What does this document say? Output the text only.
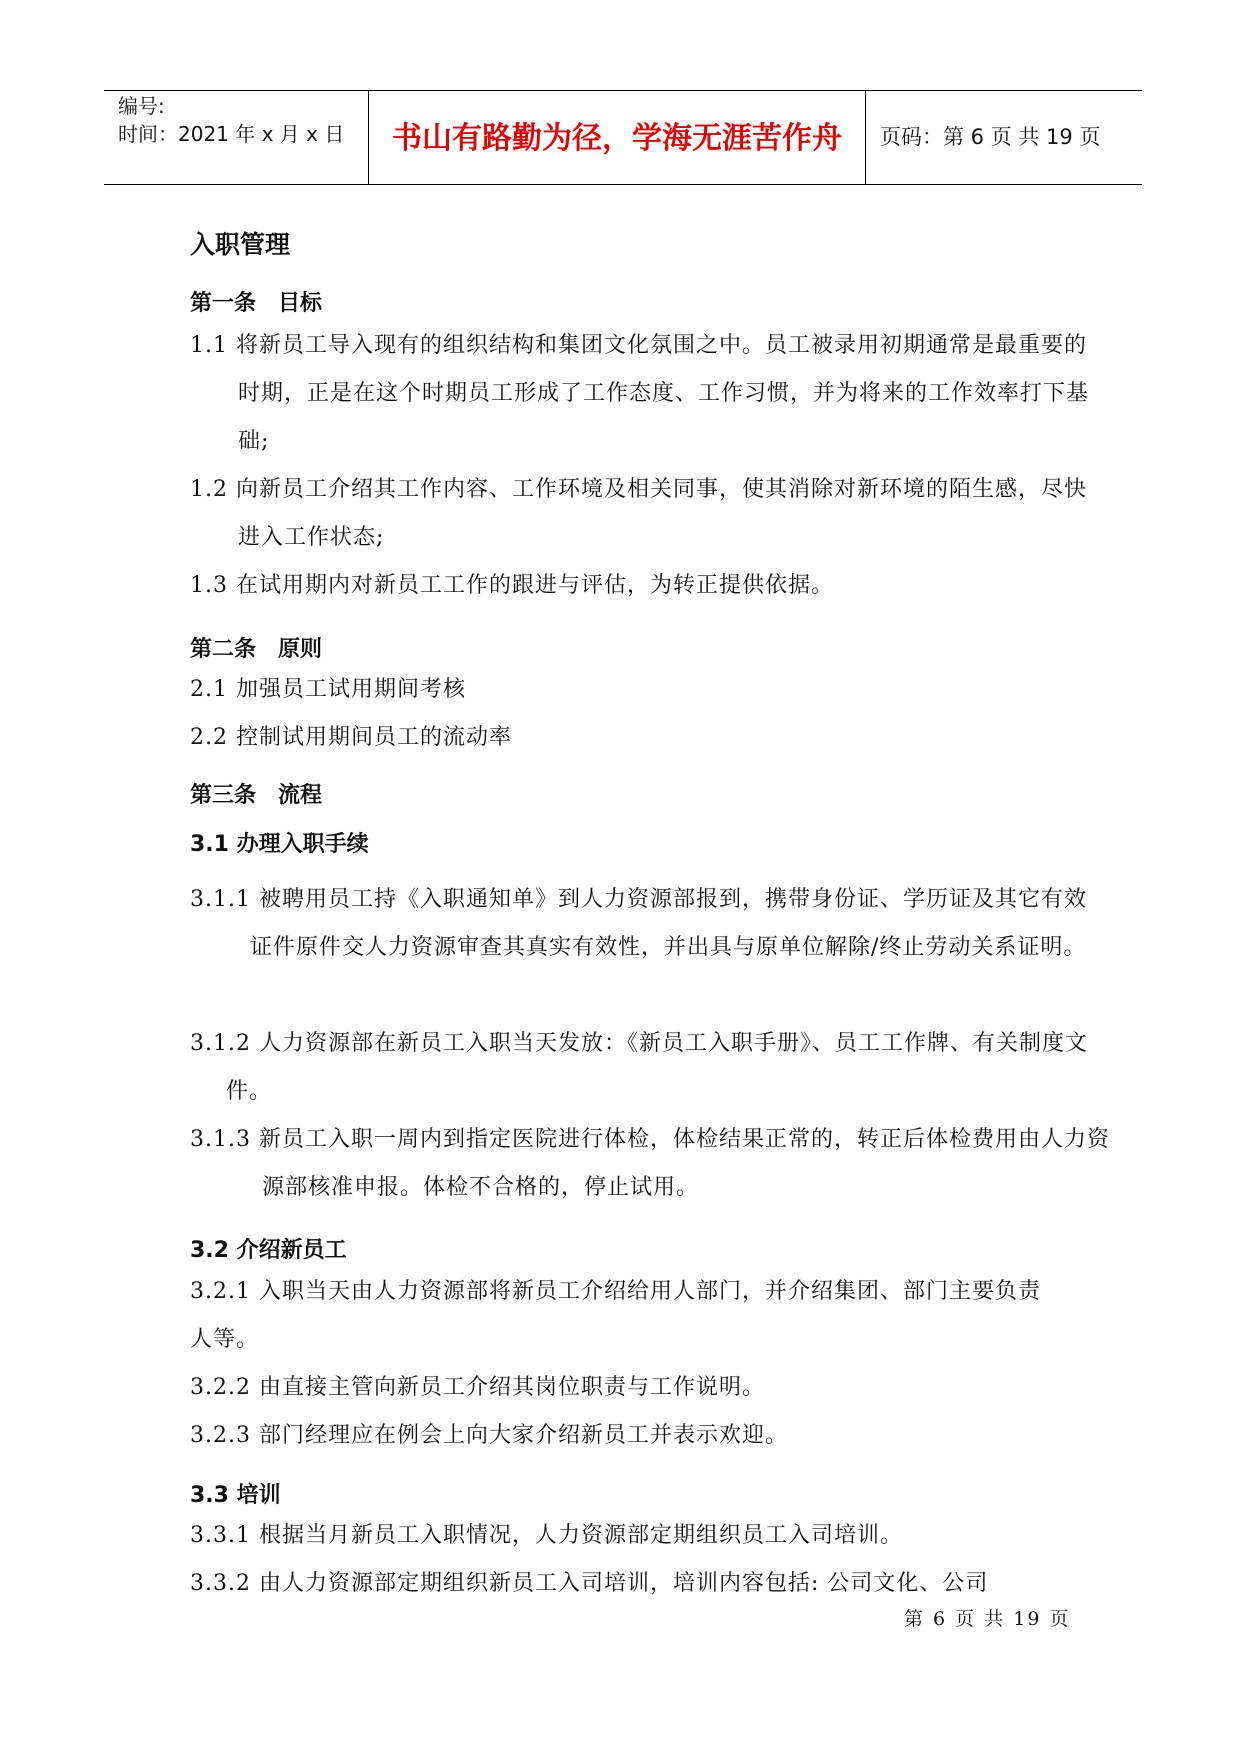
编号:
时间：2021 年 x 月 x 日	书山有路勤为径，学海无涯苦作舟	页码：第 6 页 共 19 页
入职管理
第一条　目标
1.1 将新员工导入现有的组织结构和集团文化氛围之中。员工被录用初期通常是最重要的时期，正是在这个时期员工形成了工作态度、工作习惯，并为将来的工作效率打下基础;
1.2 向新员工介绍其工作内容、工作环境及相关同事，使其消除对新环境的陌生感，尽快进入工作状态;
1.3 在试用期内对新员工工作的跟进与评估，为转正提供依据。
第二条　原则
2.1 加强员工试用期间考核
2.2 控制试用期间员工的流动率
第三条　流程
3.1 办理入职手续
3.1.1 被聘用员工持《入职通知单》到人力资源部报到，携带身份证、学历证及其它有效证件原件交人力资源审查其真实有效性，并出具与原单位解除/终止劳动关系证明。
3.1.2 人力资源部在新员工入职当天发放：《新员工入职手册》、员工工作牌、有关制度文件。
3.1.3 新员工入职一周内到指定医院进行体检，体检结果正常的，转正后体检费用由人力资源部核准申报。体检不合格的，停止试用。
3.2 介绍新员工
3.2.1 入职当天由人力资源部将新员工介绍给用人部门，并介绍集团、部门主要负责人等。
3.2.2 由直接主管向新员工介绍其岗位职责与工作说明。
3.2.3 部门经理应在例会上向大家介绍新员工并表示欢迎。
3.3 培训
3.3.1 根据当月新员工入职情况，人力资源部定期组织员工入司培训。
3.3.2 由人力资源部定期组织新员工入司培训，培训内容包括: 公司文化、公司
第 6 页 共 19 页
